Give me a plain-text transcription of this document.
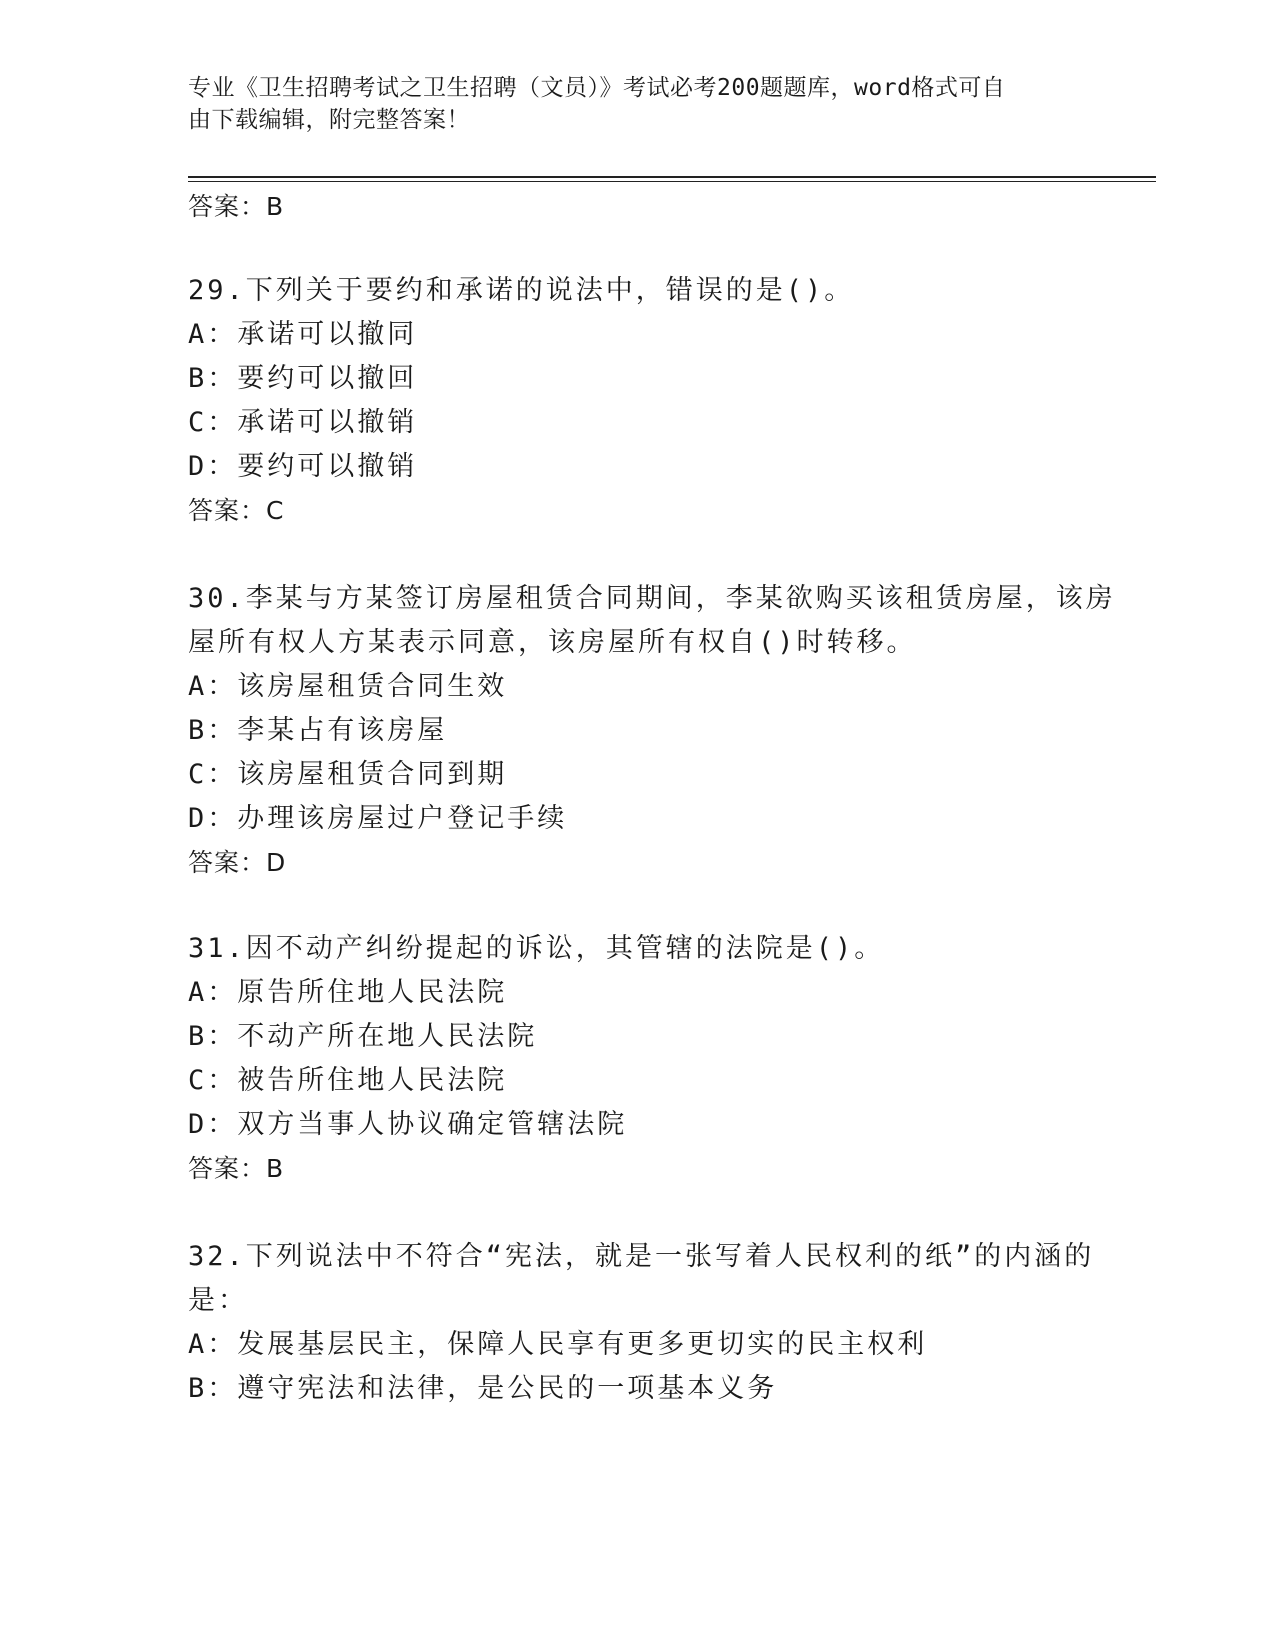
专业《卫生招聘考试之卫生招聘（文员）》考试必考200题题库，word格式可自
由下载编辑，附完整答案！
答案：B
29.下列关于要约和承诺的说法中，错误的是()。
A：承诺可以撤同
B：要约可以撤回
C：承诺可以撤销
D：要约可以撤销
答案：C
30.李某与方某签订房屋租赁合同期间，李某欲购买该租赁房屋，该房
屋所有权人方某表示同意，该房屋所有权自()时转移。
A：该房屋租赁合同生效
B：李某占有该房屋
C：该房屋租赁合同到期
D：办理该房屋过户登记手续
答案：D
31.因不动产纠纷提起的诉讼，其管辖的法院是()。
A：原告所住地人民法院
B：不动产所在地人民法院
C：被告所住地人民法院
D：双方当事人协议确定管辖法院
答案：B
32.下列说法中不符合“宪法，就是一张写着人民权利的纸”的内涵的
是：
A：发展基层民主，保障人民享有更多更切实的民主权利
B：遵守宪法和法律，是公民的一项基本义务
